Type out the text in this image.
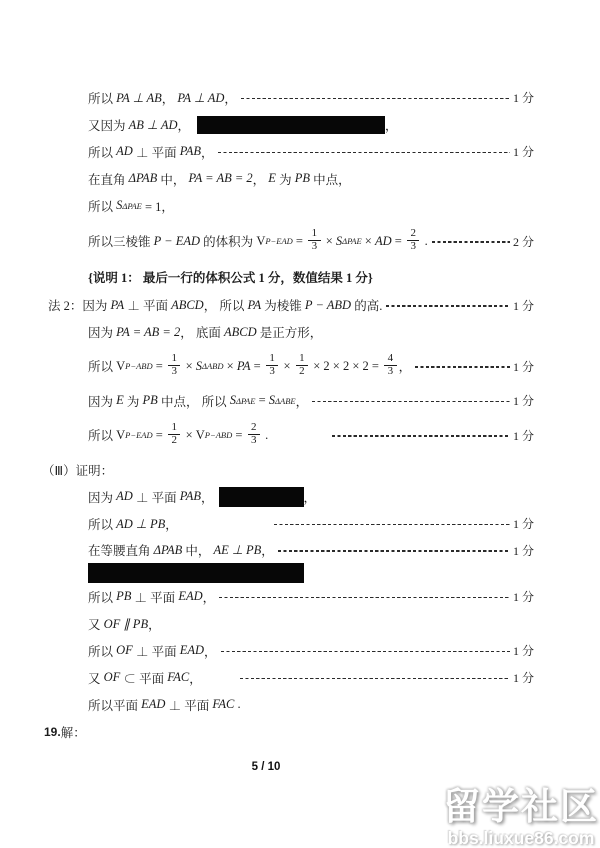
所以 PA ⊥ AB ， PA ⊥ AD ，	1 分
又因为 AB ⊥ AD ，	，
所以 AD ⊥ 平面 PAB ，	1 分
在直角 ΔPAB 中， PA = AB = 2 ， E 为 PB 中点，
所以 S ΔPAE = 1，
所以三棱锥 P − EAD 的体积为 V $P-EAD = \frac{1}{3} \times S$ ΔPAE × AD = $\frac{2}{3}$ .	2 分
{说明 1： 最后一行的体积公式 1 分，数值结果 1 分}
法 2：因为 PA ⊥ 平面 ABCD ， 所以 PA 为棱锥 P − ABD 的高.	1 分
因为 PA = AB = 2 ， 底面 ABCD 是正方形，
所以 V $P-ABD = \frac{1}{3} \times S$ ΔABD × PA = $\frac{1}{3} \times \frac{1}{2} \times 2 \times 2 \times 2 = \frac{4}{3}$ ，	1 分
因为 E 为 PB 中点， 所以 S ΔPAE = S ΔABE ，	1 分
所以 V $P-EAD = \frac{1}{2} \times V$ $P-ABD = \frac{2}{3}$ .	1 分
（Ⅲ）证明：
因为 AD ⊥ 平面 PAB ，	，
所以 AD ⊥ PB ，	1 分
在等腰直角 ΔPAB 中， AE ⊥ PB ，	1 分
所以 PB ⊥ 平面 EAD ，	1 分
又 OF ∥ PB ，
所以 OF ⊥ 平面 EAD ，	1 分
又 OF ⊂ 平面 FAC ，	1 分
所以平面 EAD ⊥ 平面 FAC .
19. 解：
5 / 10
留学社区
bbs.liuxue86.com
